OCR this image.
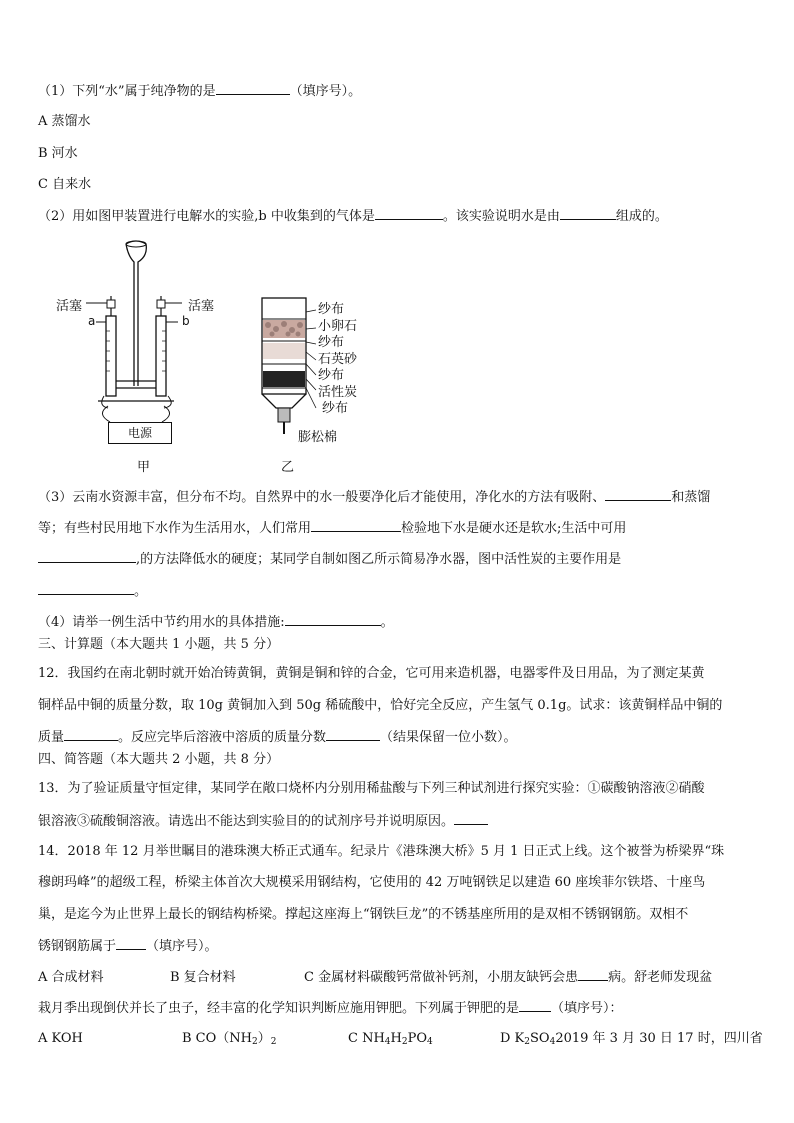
（1）下列“水”属于纯净物的是	（填序号）。
A 蒸馏水
B 河水
C 自来水
（2）用如图甲装置进行电解水的实验,b 中收集到的气体是	。该实验说明水是由	组成的。
活塞	活塞
a	b
电源
甲
纱布
小卵石
纱布
石英砂
纱布
活性炭
纱布
膨松棉
乙
（3）云南水资源丰富，但分布不均。自然界中的水一般要净化后才能使用，净化水的方法有吸附、	和蒸馏
等；有些村民用地下水作为生活用水，人们常用	检验地下水是硬水还是软水;生活中可用
,的方法降低水的硬度；某同学自制如图乙所示简易净水器，图中活性炭的主要作用是
。
（4）请举一例生活中节约用水的具体措施:	。
三、计算题（本大题共 1 小题，共 5 分）
12．我国约在南北朝时就开始冶铸黄铜，黄铜是铜和锌的合金，它可用来造机器，电器零件及日用品，为了测定某黄
铜样品中铜的质量分数，取 10g 黄铜加入到 50g 稀硫酸中，恰好完全反应，产生氢气 0.1g。试求：该黄铜样品中铜的
质量	。反应完毕后溶液中溶质的质量分数	（结果保留一位小数）。
四、简答题（本大题共 2 小题，共 8 分）
13．为了验证质量守恒定律，某同学在敞口烧杯内分别用稀盐酸与下列三种试剂进行探究实验：①碳酸钠溶液②硝酸
银溶液③硫酸铜溶液。请选出不能达到实验目的的试剂序号并说明原因。
14．2018 年 12 月举世瞩目的港珠澳大桥正式通车。纪录片《港珠澳大桥》5 月 1 日正式上线。这个被誉为桥梁界“珠
穆朗玛峰”的超级工程，桥梁主体首次大规模采用钢结构，它使用的 42 万吨钢铁足以建造 60 座埃菲尔铁塔、十座鸟
巢，是迄今为止世界上最长的钢结构桥梁。撑起这座海上“钢铁巨龙”的不锈基座所用的是双相不锈钢钢筋。双相不
锈钢钢筋属于 （填序号）。
A 合成材料	B 复合材料	C 金属材料碳酸钙常做补钙剂，小朋友缺钙会患 病。舒老师发现盆
栽月季出现倒伏并长了虫子，经丰富的化学知识判断应施用钾肥。下列属于钾肥的是 （填序号）：
A KOH	B $CO(NH_2)_2$	C $NH_4H_2PO_4$	D $K_2SO_42019$ 年 3 月 30 日 17 时，四川省
